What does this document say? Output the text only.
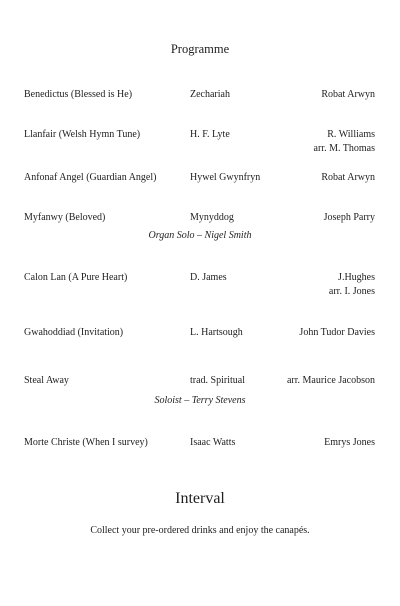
Programme
Benedictus (Blessed is He)	Zechariah	Robat Arwyn
Llanfair (Welsh Hymn Tune)	H. F. Lyte	R. Williams
arr. M. Thomas
Anfonaf Angel (Guardian Angel)	Hywel Gwynfryn	Robat Arwyn
Myfanwy (Beloved)	Mynyddog	Joseph Parry
Organ Solo – Nigel Smith
Calon Lan (A Pure Heart)	D. James	J.Hughes
arr. I. Jones
Gwahoddiad (Invitation)	L. Hartsough	John Tudor Davies
Steal Away	trad. Spiritual	arr. Maurice Jacobson
Soloist – Terry Stevens
Morte Christe (When I survey)	Isaac Watts	Emrys Jones
Interval
Collect your pre-ordered drinks and enjoy the canapés.
